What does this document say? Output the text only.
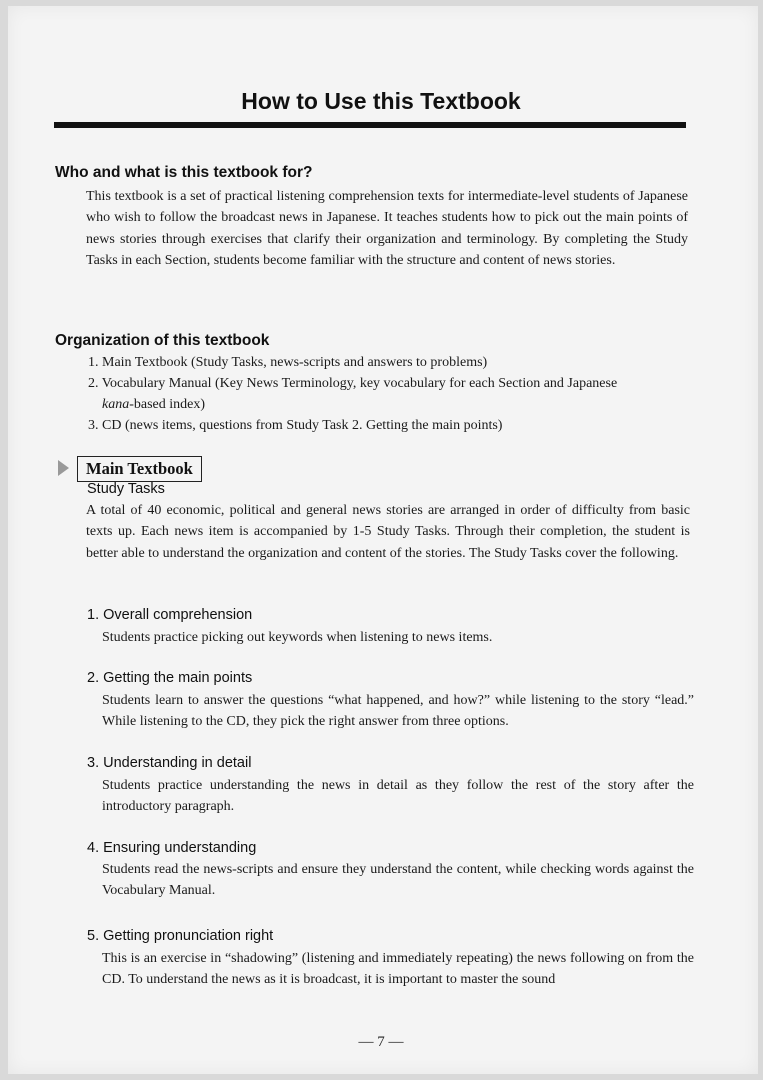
How to Use this Textbook
Who and what is this textbook for?
This textbook is a set of practical listening comprehension texts for intermediate-level students of Japanese who wish to follow the broadcast news in Japanese. It teaches students how to pick out the main points of news stories through exercises that clarify their organization and terminology. By completing the Study Tasks in each Section, students become familiar with the structure and content of news stories.
Organization of this textbook
1. Main Textbook (Study Tasks, news-scripts and answers to problems)
2. Vocabulary Manual (Key News Terminology, key vocabulary for each Section and Japanese
kana-based index)
3. CD (news items, questions from Study Task 2. Getting the main points)
Main Textbook
Study Tasks
A total of 40 economic, political and general news stories are arranged in order of difficulty from basic texts up. Each news item is accompanied by 1-5 Study Tasks. Through their completion, the student is better able to understand the organization and content of the stories. The Study Tasks cover the following.
1. Overall comprehension
Students practice picking out keywords when listening to news items.
2. Getting the main points
Students learn to answer the questions “what happened, and how?” while listening to the story “lead.” While listening to the CD, they pick the right answer from three options.
3. Understanding in detail
Students practice understanding the news in detail as they follow the rest of the story after the introductory paragraph.
4. Ensuring understanding
Students read the news-scripts and ensure they understand the content, while checking words against the Vocabulary Manual.
5. Getting pronunciation right
This is an exercise in “shadowing” (listening and immediately repeating) the news following on from the CD. To understand the news as it is broadcast, it is important to master the sound
— 7 —
